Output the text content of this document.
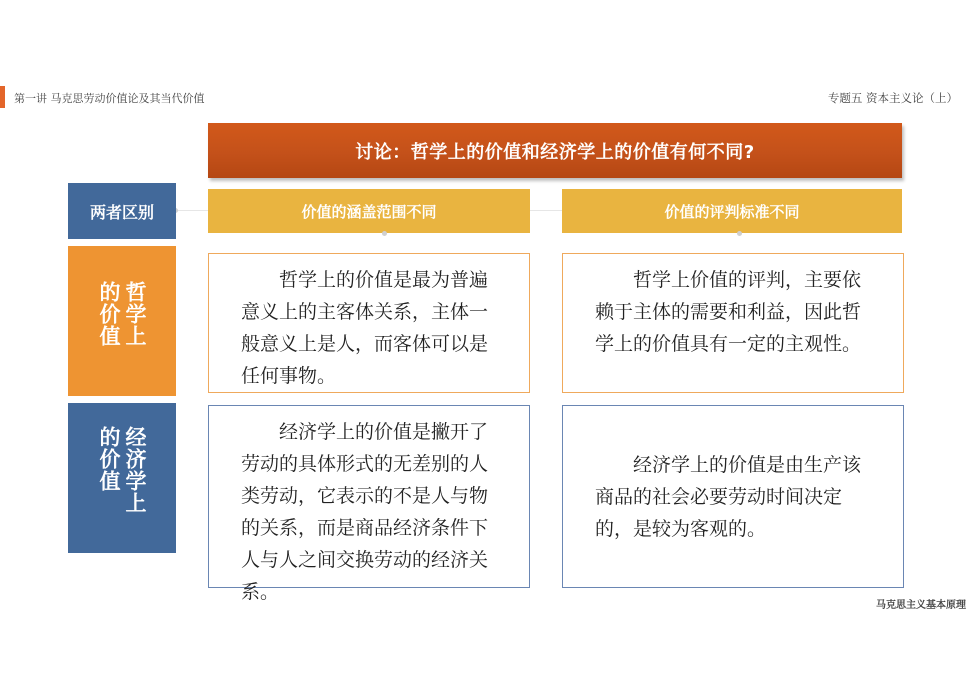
第一讲 马克思劳动价值论及其当代价值	专题五 资本主义论（上）
讨论：哲学上的价值和经济学上的价值有何不同?
两者区别
哲学上的价值
经济学上的价值
价值的涵盖范围不同	价值的评判标准不同
哲学上的价值是最为普遍意义上的主客体关系，主体一般意义上是人，而客体可以是任何事物。
哲学上价值的评判，主要依赖于主体的需要和利益，因此哲学上的价值具有一定的主观性。
经济学上的价值是撇开了劳动的具体形式的无差别的人类劳动，它表示的不是人与物的关系，而是商品经济条件下人与人之间交换劳动的经济关系。
经济学上的价值是由生产该商品的社会必要劳动时间决定的，是较为客观的。
马克思主义基本原理
